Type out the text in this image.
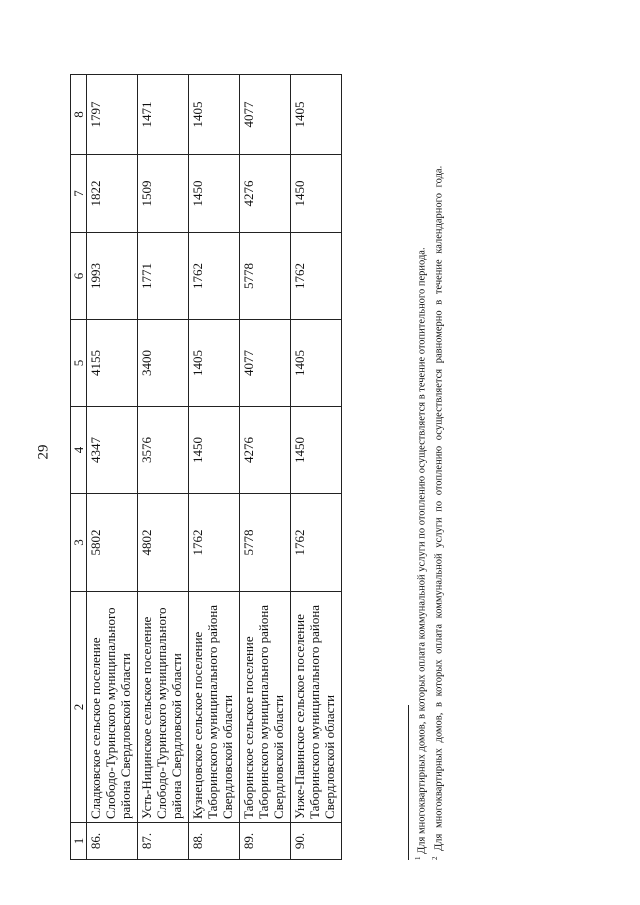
29
1	2	3	4	5	6	7	8
86.	Сладковское сельское поселение Слободо-Туринского муниципального района Свердловской области	5802	4347	4155	1993	1822	1797
87.	Усть-Ницинское сельское поселение Слободо-Туринского муниципального района Свердловской области	4802	3576	3400	1771	1509	1471
88.	Кузнецовское сельское поселение Таборинского муниципального района Свердловской области	1762	1450	1405	1762	1450	1405
89.	Таборинское сельское поселение Таборинского муниципального района Свердловской области	5778	4276	4077	5778	4276	4077
90.	Унже-Павинское сельское поселение Таборинского муниципального района Свердловской области	1762	1450	1405	1762	1450	1405

$^1$ Для многоквартирных домов, в которых оплата коммунальной услуги по отоплению осуществляется в течение отопительного периода.

$^2$ Для многоквартирных домов, в которых оплата коммунальной услуги по отоплению осуществляется равномерно в течение календарного года.
